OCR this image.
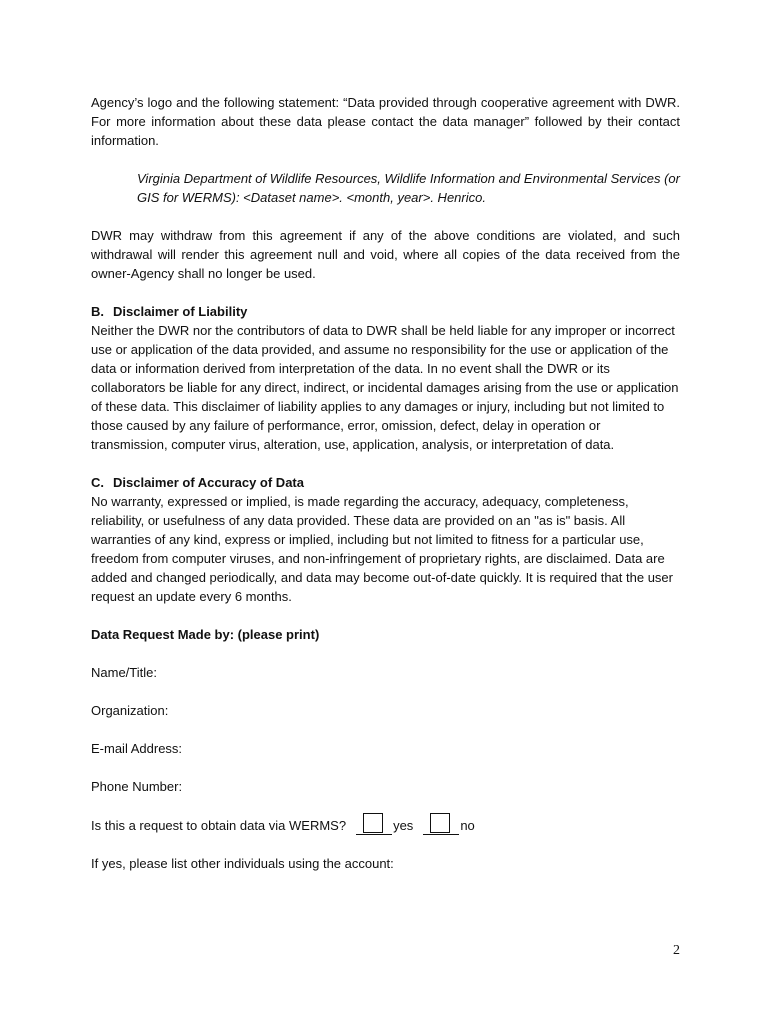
Agency’s logo and the following statement: “Data provided through cooperative agreement with DWR. For more information about these data please contact the data manager” followed by their contact information.

Virginia Department of Wildlife Resources, Wildlife Information and Environmental Services (or GIS for WERMS): <Dataset name>. <month, year>. Henrico.

DWR may withdraw from this agreement if any of the above conditions are violated, and such withdrawal will render this agreement null and void, where all copies of the data received from the owner-Agency shall no longer be used.

B. Disclaimer of Liability

Neither the DWR nor the contributors of data to DWR shall be held liable for any improper or incorrect use or application of the data provided, and assume no responsibility for the use or application of the data or information derived from interpretation of the data. In no event shall the DWR or its collaborators be liable for any direct, indirect, or incidental damages arising from the use or application of these data. This disclaimer of liability applies to any damages or injury, including but not limited to those caused by any failure of performance, error, omission, defect, delay in operation or transmission, computer virus, alteration, use, application, analysis, or interpretation of data.

C. Disclaimer of Accuracy of Data

No warranty, expressed or implied, is made regarding the accuracy, adequacy, completeness, reliability, or usefulness of any data provided. These data are provided on an "as is" basis. All warranties of any kind, express or implied, including but not limited to fitness for a particular use, freedom from computer viruses, and non-infringement of proprietary rights, are disclaimed. Data are added and changed periodically, and data may become out-of-date quickly. It is required that the user request an update every 6 months.

Data Request Made by: (please print)
Name/Title:
Organization:
E-mail Address:
Phone Number:
Is this a request to obtain data via WERMS?	yes	no
If yes, please list other individuals using the account:
2
